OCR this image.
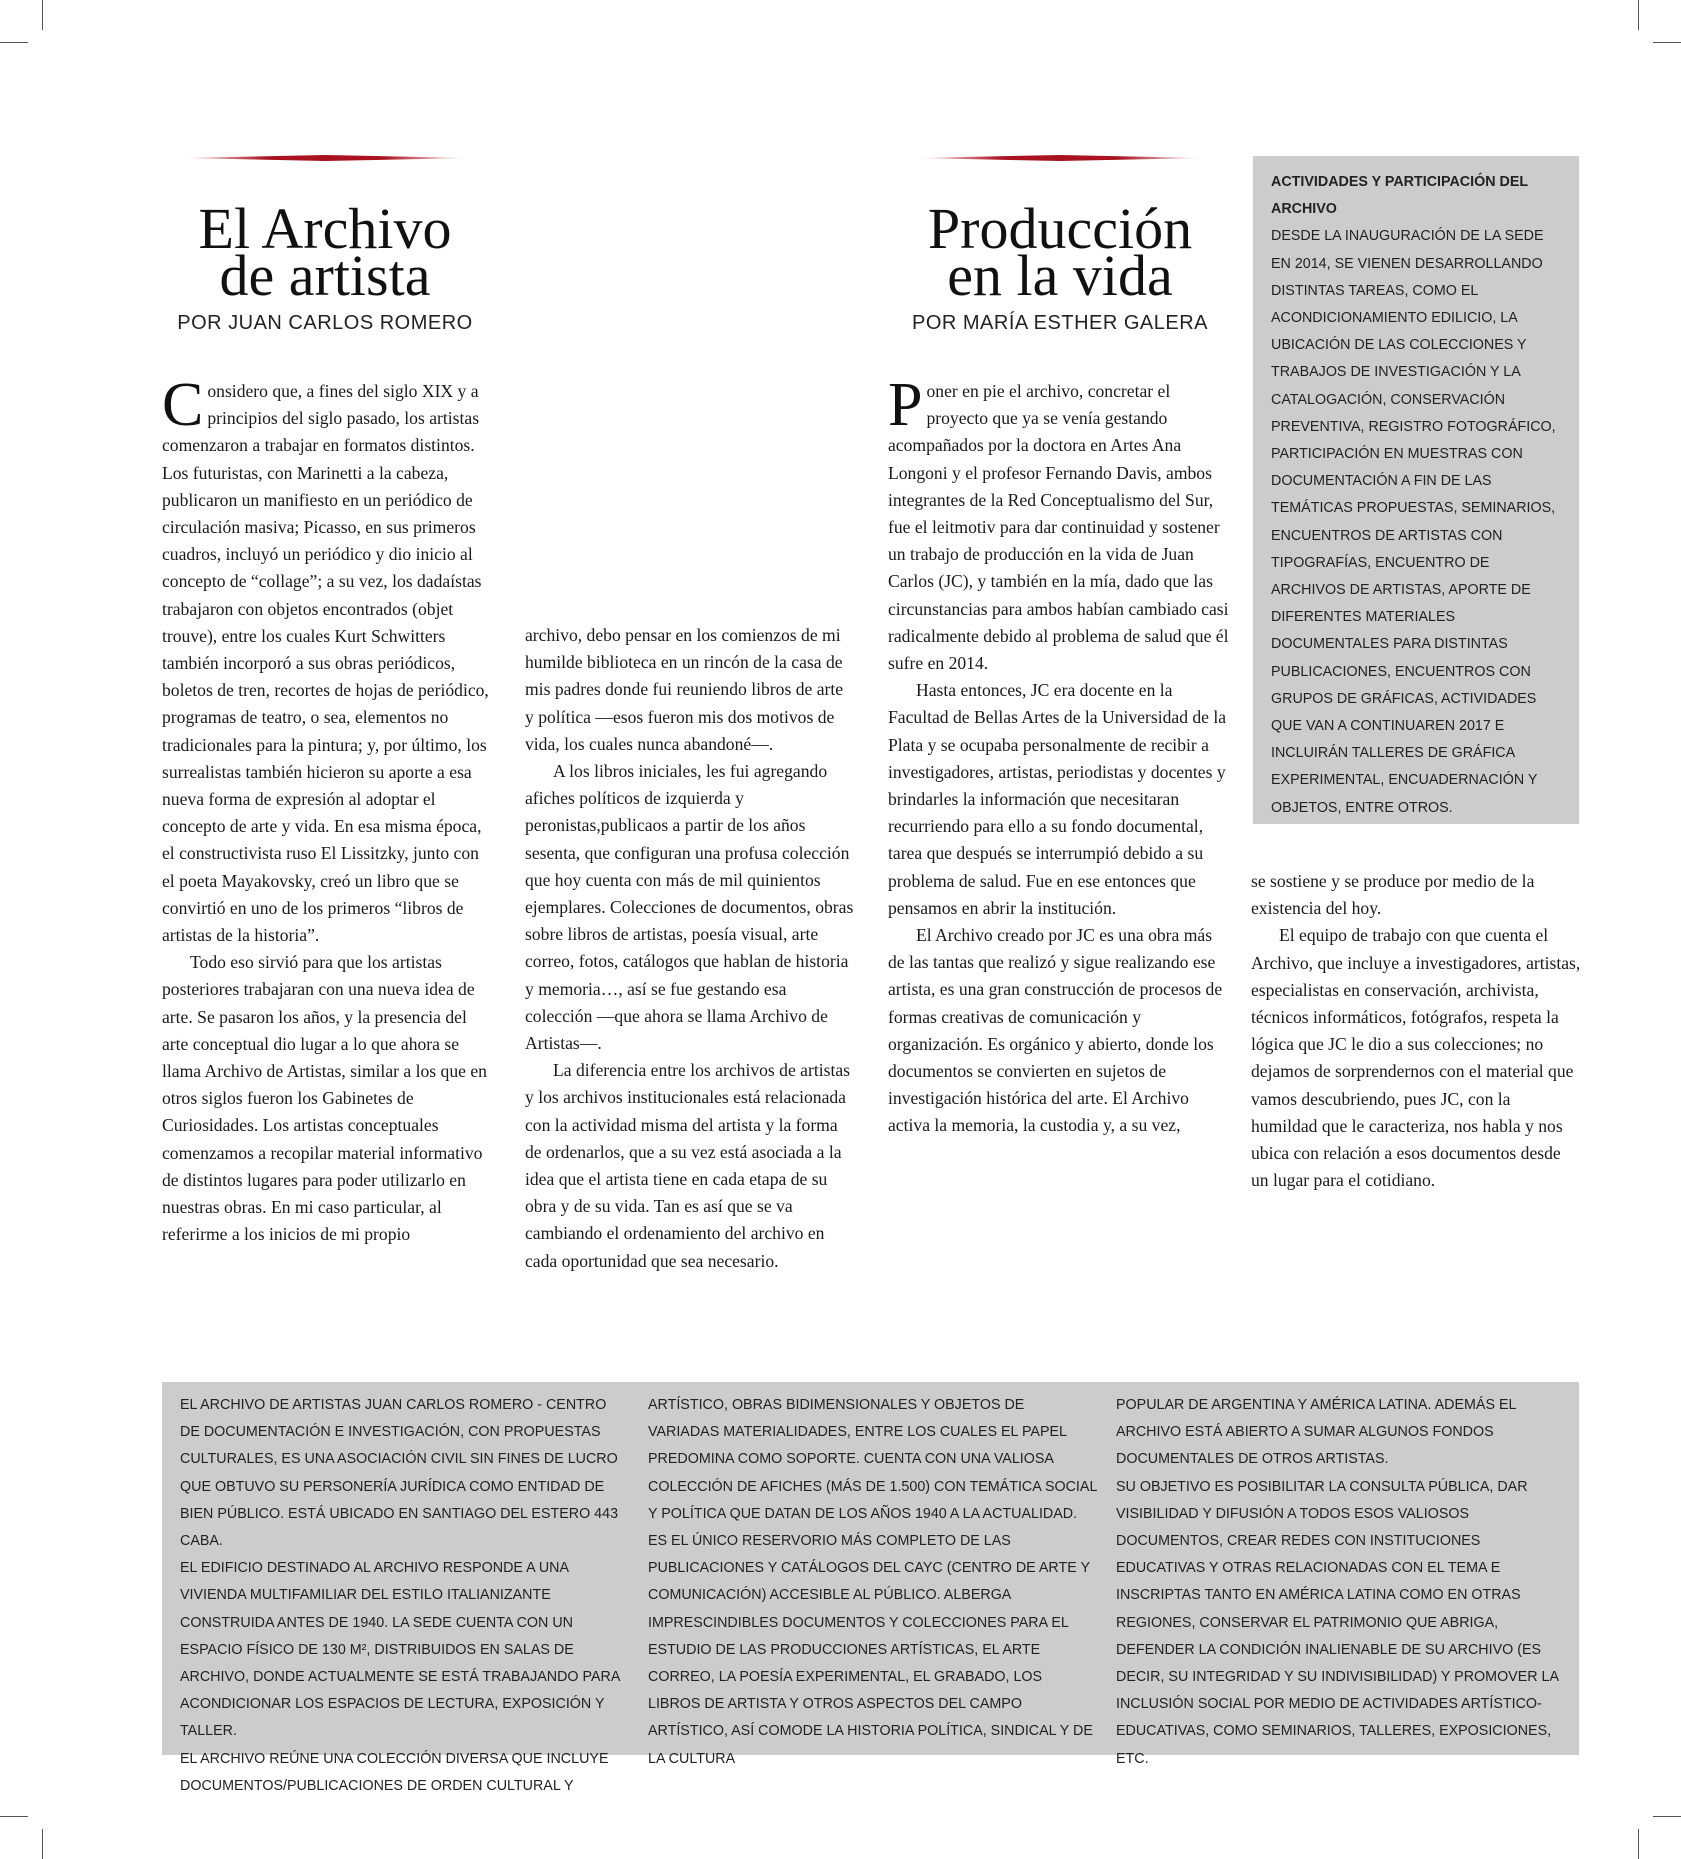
El Archivo
de artista
POR JUAN CARLOS ROMERO

Considero que, a fines del siglo XIX y a principios del siglo pasado, los artistas comenzaron a trabajar en formatos distintos. Los futuristas, con Marinetti a la cabeza, publicaron un manifiesto en un periódico de circulación masiva; Picasso, en sus primeros cuadros, incluyó un periódico y dio inicio al concepto de “collage”; a su vez, los dadaístas trabajaron con objetos encontrados (objet trouve), entre los cuales Kurt Schwitters también incorporó a sus obras periódicos, boletos de tren, recortes de hojas de periódico, programas de teatro, o sea, elementos no tradicionales para la pintura; y, por último, los surrealistas también hicieron su aporte a esa nueva forma de expresión al adoptar el concepto de arte y vida. En esa misma época, el constructivista ruso El Lissitzky, junto con el poeta Mayakovsky, creó un libro que se convirtió en uno de los primeros “libros de artistas de la historia”.

Todo eso sirvió para que los artistas posteriores trabajaran con una nueva idea de arte. Se pasaron los años, y la presencia del arte conceptual dio lugar a lo que ahora se llama Archivo de Artistas, similar a los que en otros siglos fueron los Gabinetes de Curiosidades. Los artistas conceptuales comenzamos a recopilar material informativo de distintos lugares para poder utilizarlo en nuestras obras. En mi caso particular, al referirme a los inicios de mi propio

archivo, debo pensar en los comienzos de mi humilde biblioteca en un rincón de la casa de mis padres donde fui reuniendo libros de arte y política —esos fueron mis dos motivos de vida, los cuales nunca abandoné—.

A los libros iniciales, les fui agregando afiches políticos de izquierda y peronistas,publicaos a partir de los años sesenta, que configuran una profusa colección que hoy cuenta con más de mil quinientos ejemplares. Colecciones de documentos, obras sobre libros de artistas, poesía visual, arte correo, fotos, catálogos que hablan de historia y memoria…, así se fue gestando esa colección —que ahora se llama Archivo de Artistas—.

La diferencia entre los archivos de artistas y los archivos institucionales está relacionada con la actividad misma del artista y la forma de ordenarlos, que a su vez está asociada a la idea que el artista tiene en cada etapa de su obra y de su vida. Tan es así que se va cambiando el ordenamiento del archivo en cada oportunidad que sea necesario.

Producción
en la vida
POR MARÍA ESTHER GALERA

Poner en pie el archivo, concretar el proyecto que ya se venía gestando acompañados por la doctora en Artes Ana Longoni y el profesor Fernando Davis, ambos integrantes de la Red Conceptualismo del Sur, fue el leitmotiv para dar continuidad y sostener un trabajo de producción en la vida de Juan Carlos (JC), y también en la mía, dado que las circunstancias para ambos habían cambiado casi radicalmente debido al problema de salud que él sufre en 2014.

Hasta entonces, JC era docente en la Facultad de Bellas Artes de la Universidad de la Plata y se ocupaba personalmente de recibir a investigadores, artistas, periodistas y docentes y brindarles la información que necesitaran recurriendo para ello a su fondo documental, tarea que después se interrumpió debido a su problema de salud. Fue en ese entonces que pensamos en abrir la institución.

El Archivo creado por JC es una obra más de las tantas que realizó y sigue realizando ese artista, es una gran construcción de procesos de formas creativas de comunicación y organización. Es orgánico y abierto, donde los documentos se convierten en sujetos de investigación histórica del arte. El Archivo activa la memoria, la custodia y, a su vez,

ACTIVIDADES Y PARTICIPACIÓN DEL ARCHIVO
DESDE LA INAUGURACIÓN DE LA SEDE EN 2014, SE VIENEN DESARROLLANDO DISTINTAS TAREAS, COMO EL ACONDICIONAMIENTO EDILICIO, LA UBICACIÓN DE LAS COLECCIONES Y TRABAJOS DE INVESTIGACIÓN Y LA CATALOGACIÓN, CONSERVACIÓN PREVENTIVA, REGISTRO FOTOGRÁFICO, PARTICIPACIÓN EN MUESTRAS CON DOCUMENTACIÓN A FIN DE LAS TEMÁTICAS PROPUESTAS, SEMINARIOS, ENCUENTROS DE ARTISTAS CON TIPOGRAFÍAS, ENCUENTRO DE ARCHIVOS DE ARTISTAS, APORTE DE DIFERENTES MATERIALES DOCUMENTALES PARA DISTINTAS PUBLICACIONES, ENCUENTROS CON GRUPOS DE GRÁFICAS, ACTIVIDADES QUE VAN A CONTINUAREN 2017 E INCLUIRÁN TALLERES DE GRÁFICA EXPERIMENTAL, ENCUADERNACIÓN Y OBJETOS, ENTRE OTROS.

se sostiene y se produce por medio de la existencia del hoy.

El equipo de trabajo con que cuenta el Archivo, que incluye a investigadores, artistas, especialistas en conservación, archivista, técnicos informáticos, fotógrafos, respeta la lógica que JC le dio a sus colecciones; no dejamos de sorprendernos con el material que vamos descubriendo, pues JC, con la humildad que le caracteriza, nos habla y nos ubica con relación a esos documentos desde un lugar para el cotidiano.

EL ARCHIVO DE ARTISTAS JUAN CARLOS ROMERO - CENTRO DE DOCUMENTACIÓN E INVESTIGACIÓN, CON PROPUESTAS CULTURALES, ES UNA ASOCIACIÓN CIVIL SIN FINES DE LUCRO QUE OBTUVO SU PERSONERÍA JURÍDICA COMO ENTIDAD DE BIEN PÚBLICO. ESTÁ UBICADO EN SANTIAGO DEL ESTERO 443 CABA.

EL EDIFICIO DESTINADO AL ARCHIVO RESPONDE A UNA VIVIENDA MULTIFAMILIAR DEL ESTILO ITALIANIZANTE CONSTRUIDA ANTES DE 1940. LA SEDE CUENTA CON UN ESPACIO FÍSICO DE 130 M², DISTRIBUIDOS EN SALAS DE ARCHIVO, DONDE ACTUALMENTE SE ESTÁ TRABAJANDO PARA ACONDICIONAR LOS ESPACIOS DE LECTURA, EXPOSICIÓN Y TALLER.

EL ARCHIVO REÚNE UNA COLECCIÓN DIVERSA QUE INCLUYE DOCUMENTOS/PUBLICACIONES DE ORDEN CULTURAL Y

ARTÍSTICO, OBRAS BIDIMENSIONALES Y OBJETOS DE VARIADAS MATERIALIDADES, ENTRE LOS CUALES EL PAPEL PREDOMINA COMO SOPORTE. CUENTA CON UNA VALIOSA COLECCIÓN DE AFICHES (MÁS DE 1.500) CON TEMÁTICA SOCIAL Y POLÍTICA QUE DATAN DE LOS AÑOS 1940 A LA ACTUALIDAD.

ES EL ÚNICO RESERVORIO MÁS COMPLETO DE LAS PUBLICACIONES Y CATÁLOGOS DEL CAYC (CENTRO DE ARTE Y COMUNICACIÓN) ACCESIBLE AL PÚBLICO. ALBERGA IMPRESCINDIBLES DOCUMENTOS Y COLECCIONES PARA EL ESTUDIO DE LAS PRODUCCIONES ARTÍSTICAS, EL ARTE CORREO, LA POESÍA EXPERIMENTAL, EL GRABADO, LOS LIBROS DE ARTISTA Y OTROS ASPECTOS DEL CAMPO ARTÍSTICO, ASÍ COMODE LA HISTORIA POLÍTICA, SINDICAL Y DE LA CULTURA

POPULAR DE ARGENTINA Y AMÉRICA LATINA. ADEMÁS EL ARCHIVO ESTÁ ABIERTO A SUMAR ALGUNOS FONDOS DOCUMENTALES DE OTROS ARTISTAS.

SU OBJETIVO ES POSIBILITAR LA CONSULTA PÚBLICA, DAR VISIBILIDAD Y DIFUSIÓN A TODOS ESOS VALIOSOS DOCUMENTOS, CREAR REDES CON INSTITUCIONES EDUCATIVAS Y OTRAS RELACIONADAS CON EL TEMA E INSCRIPTAS TANTO EN AMÉRICA LATINA COMO EN OTRAS REGIONES, CONSERVAR EL PATRIMONIO QUE ABRIGA, DEFENDER LA CONDICIÓN INALIENABLE DE SU ARCHIVO (ES DECIR, SU INTEGRIDAD Y SU INDIVISIBILIDAD) Y PROMOVER LA INCLUSIÓN SOCIAL POR MEDIO DE ACTIVIDADES ARTÍSTICO-EDUCATIVAS, COMO SEMINARIOS, TALLERES, EXPOSICIONES, ETC.
